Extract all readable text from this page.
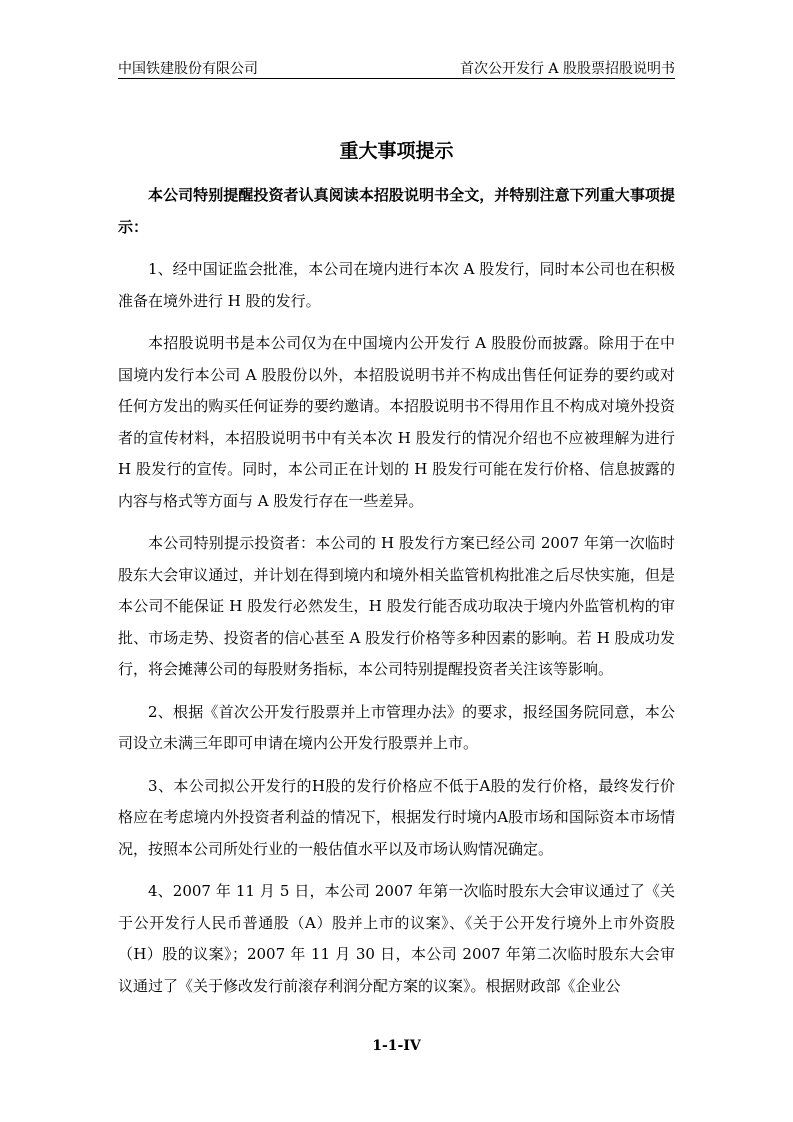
中国铁建股份有限公司	首次公开发行 A 股股票招股说明书
重大事项提示

本公司特别提醒投资者认真阅读本招股说明书全文，并特别注意下列重大事项提示：

1、经中国证监会批准，本公司在境内进行本次 A 股发行，同时本公司也在积极准备在境外进行 H 股的发行。

本招股说明书是本公司仅为在中国境内公开发行 A 股股份而披露。除用于在中国境内发行本公司 A 股股份以外，本招股说明书并不构成出售任何证券的要约或对任何方发出的购买任何证券的要约邀请。本招股说明书不得用作且不构成对境外投资者的宣传材料，本招股说明书中有关本次 H 股发行的情况介绍也不应被理解为进行 H 股发行的宣传。同时，本公司正在计划的 H 股发行可能在发行价格、信息披露的内容与格式等方面与 A 股发行存在一些差异。

本公司特别提示投资者：本公司的 H 股发行方案已经公司 2007 年第一次临时股东大会审议通过，并计划在得到境内和境外相关监管机构批准之后尽快实施，但是本公司不能保证 H 股发行必然发生，H 股发行能否成功取决于境内外监管机构的审批、市场走势、投资者的信心甚至 A 股发行价格等多种因素的影响。若 H 股成功发行，将会摊薄公司的每股财务指标，本公司特别提醒投资者关注该等影响。

2、根据《首次公开发行股票并上市管理办法》的要求，报经国务院同意，本公司设立未满三年即可申请在境内公开发行股票并上市。

3、本公司拟公开发行的H股的发行价格应不低于A股的发行价格，最终发行价格应在考虑境内外投资者利益的情况下，根据发行时境内A股市场和国际资本市场情况，按照本公司所处行业的一般估值水平以及市场认购情况确定。

4、2007 年 11 月 5 日，本公司 2007 年第一次临时股东大会审议通过了《关于公开发行人民币普通股（A）股并上市的议案》、《关于公开发行境外上市外资股（H）股的议案》；2007 年 11 月 30 日，本公司 2007 年第二次临时股东大会审议通过了《关于修改发行前滚存利润分配方案的议案》。根据财政部《企业公

1-1-IV
